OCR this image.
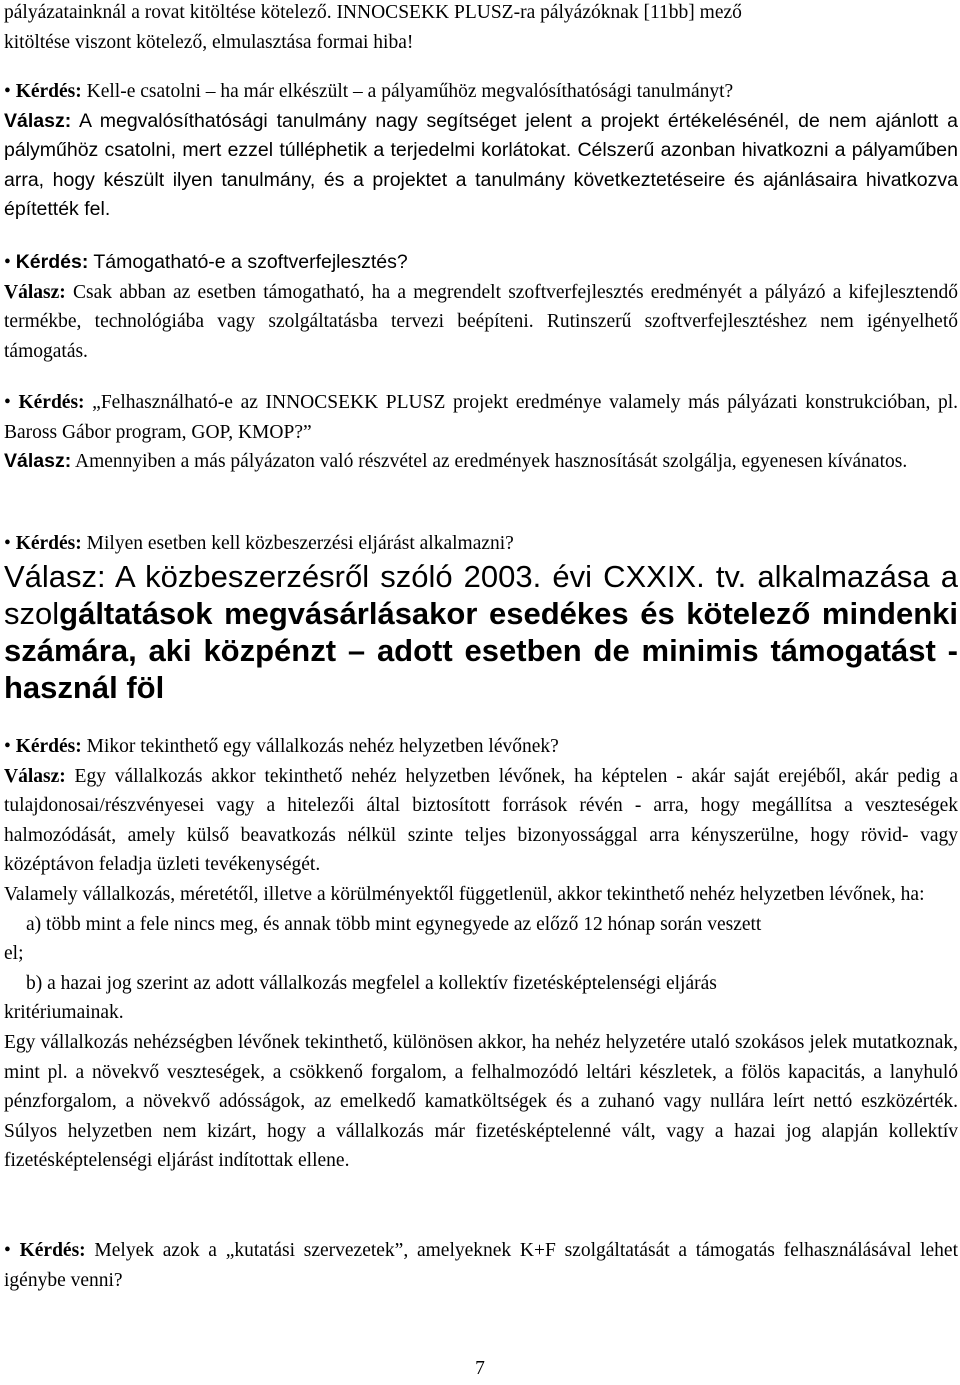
pályázatainknál a rovat kitöltése kötelező. INNOCSEKK PLUSZ-ra pályázóknak [11bb] mező
kitöltése viszont kötelező, elmulasztása formai hiba!

• Kérdés: Kell-e csatolni – ha már elkészült – a pályaműhöz megvalósíthatósági tanulmányt?
Válasz: A megvalósíthatósági tanulmány nagy segítséget jelent a projekt értékelésénél, de nem ajánlott a pályműhöz csatolni, mert ezzel túlléphetik a terjedelmi korlátokat. Célszerű azonban hivatkozni a pályaműben arra, hogy készült ilyen tanulmány, és a projektet a tanulmány következtetéseire és ajánlásaira hivatkozva építették fel.

• Kérdés: Támogatható-e a szoftverfejlesztés?
Válasz: Csak abban az esetben támogatható, ha a megrendelt szoftverfejlesztés eredményét a pályázó a kifejlesztendő termékbe, technológiába vagy szolgáltatásba tervezi beépíteni. Rutinszerű szoftverfejlesztéshez nem igényelhető támogatás.

• Kérdés: „Felhasználható-e az INNOCSEKK PLUSZ projekt eredménye valamely más pályázati konstrukcióban, pl. Baross Gábor program, GOP, KMOP?”
Válasz: Amennyiben a más pályázaton való részvétel az eredmények hasznosítását szolgálja, egyenesen kívánatos.

• Kérdés: Milyen esetben kell közbeszerzési eljárást alkalmazni?

Válasz: A közbeszerzésről szóló 2003. évi CXXIX. tv. alkalmazása a szolgáltatások megvásárlásakor esedékes és kötelező mindenki számára, aki közpénzt – adott esetben de minimis támogatást - használ föl

• Kérdés: Mikor tekinthető egy vállalkozás nehéz helyzetben lévőnek?
Válasz: Egy vállalkozás akkor tekinthető nehéz helyzetben lévőnek, ha képtelen - akár saját erejéből, akár pedig a tulajdonosai/részvényesei vagy a hitelezői által biztosított források révén - arra, hogy megállítsa a veszteségek halmozódását, amely külső beavatkozás nélkül szinte teljes bizonyossággal arra kényszerülne, hogy rövid- vagy középtávon feladja üzleti tevékenységét.
Valamely vállalkozás, méretétől, illetve a körülményektől függetlenül, akkor tekinthető nehéz helyzetben lévőnek, ha:
a) több mint a fele nincs meg, és annak több mint egynegyede az előző 12 hónap során veszett
el;
b) a hazai jog szerint az adott vállalkozás megfelel a kollektív fizetésképtelenségi eljárás
kritériumainak.
Egy vállalkozás nehézségben lévőnek tekinthető, különösen akkor, ha nehéz helyzetére utaló szokásos jelek mutatkoznak, mint pl. a növekvő veszteségek, a csökkenő forgalom, a felhalmozódó leltári készletek, a fölös kapacitás, a lanyhuló pénzforgalom, a növekvő adósságok, az emelkedő kamatköltségek és a zuhanó vagy nullára leírt nettó eszközérték. Súlyos helyzetben nem kizárt, hogy a vállalkozás már fizetésképtelenné vált, vagy a hazai jog alapján kollektív fizetésképtelenségi eljárást indítottak ellene.

• Kérdés: Melyek azok a „kutatási szervezetek”, amelyeknek K+F szolgáltatását a támogatás felhasználásával lehet igénybe venni?

7
